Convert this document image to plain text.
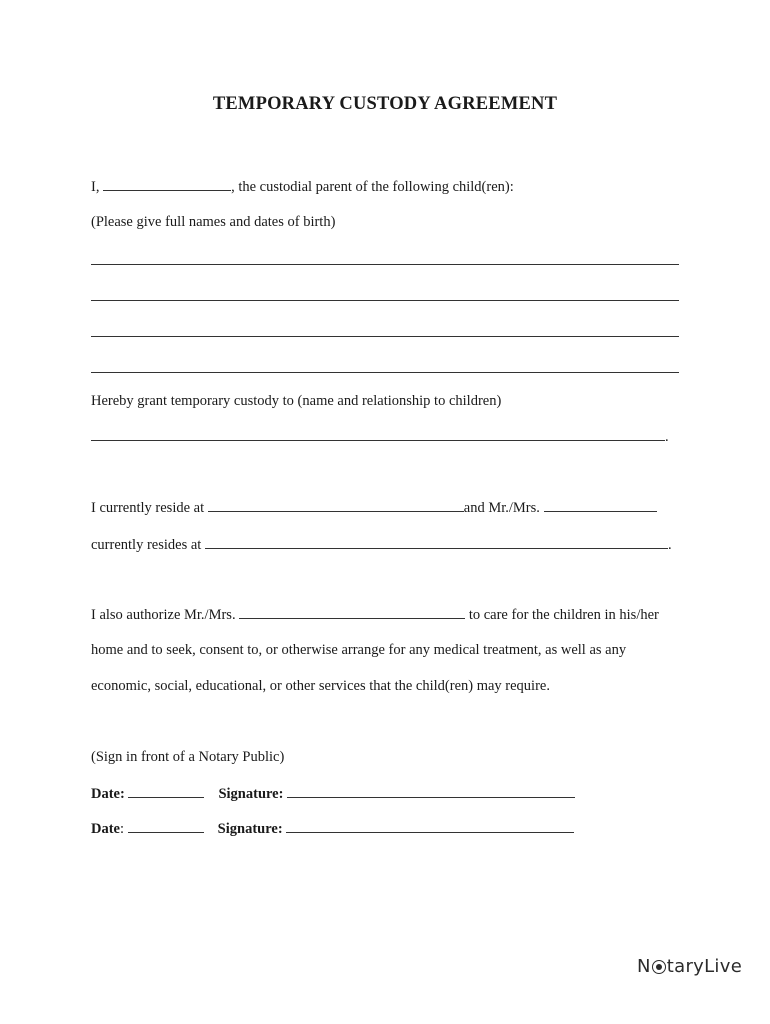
TEMPORARY CUSTODY AGREEMENT
I,	, the custodial parent of the following child(ren):
(Please give full names and dates of birth)
Hereby grant temporary custody to (name and relationship to children)
.
I currently reside at	and Mr./Mrs.
currently resides at	.
I also authorize Mr./Mrs.	to care for the children in his/her
home and to seek, consent to, or otherwise arrange for any medical treatment, as well as any
economic, social, educational, or other services that the child(ren) may require.
(Sign in front of a Notary Public)
Date:	Signature:
Date:	Signature:
N taryLive
